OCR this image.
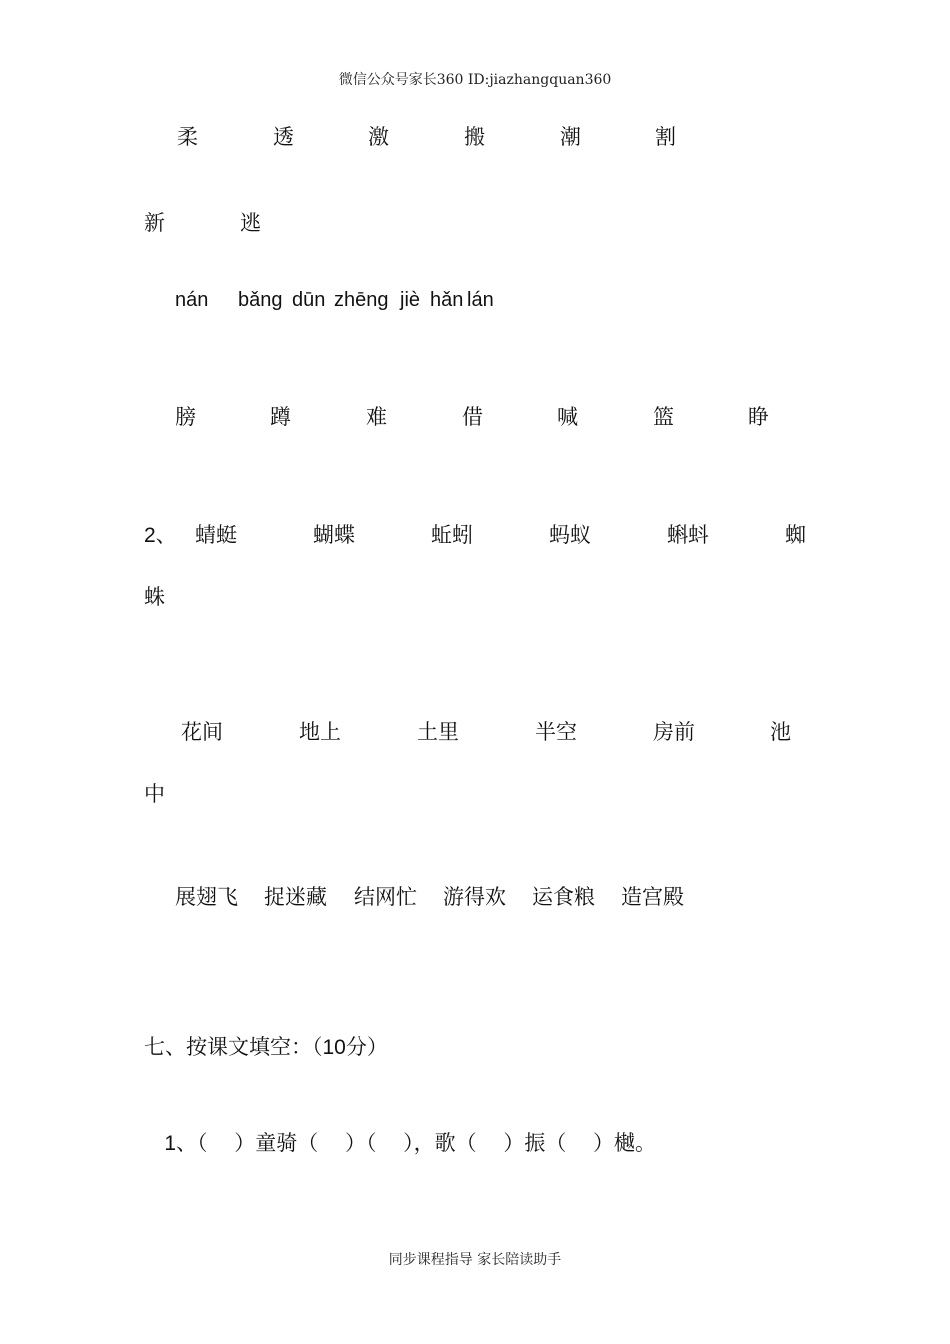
微信公众号家长360 ID:jiazhangquan360
柔	透	激	搬	潮	割
新	逃
nán bǎnɡ dūn zhēnɡ jiè hǎn lán
膀	蹲	难	借	喊	篮	睁
2、 蜻蜓	蝴蝶	蚯蚓	蚂蚁	蝌蚪	蜘
蛛
花间	地上	土里	半空	房前	池
中
展翅飞 捉迷藏 结网忙 游得欢 运食粮 造宫殿
七、按课文填空：（10分）

1、（    ）童骑（    ）（    ），歌（    ）振（    ）樾。

同步课程指导 家长陪读助手
